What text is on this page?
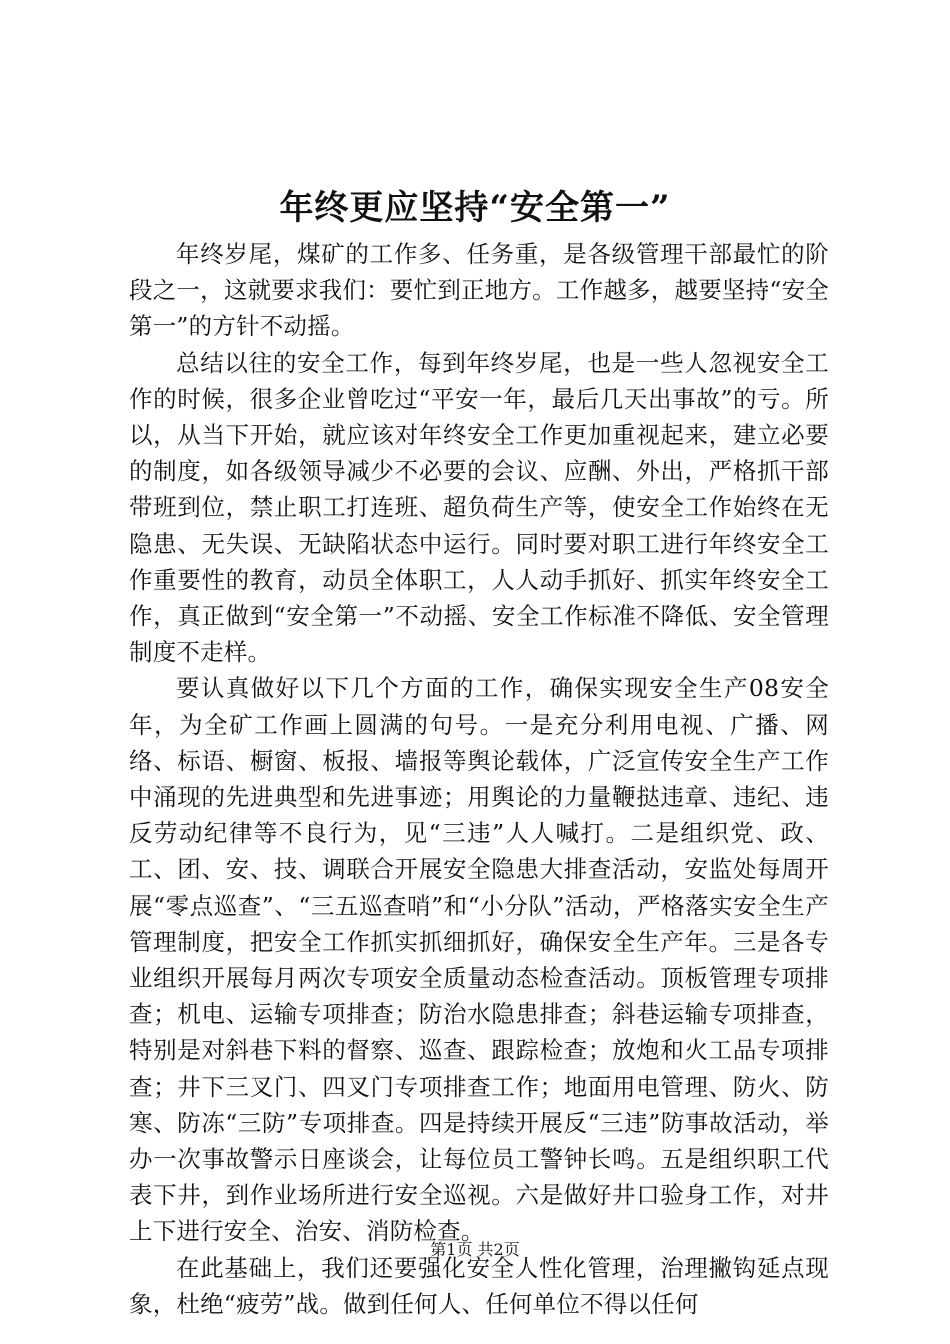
年终更应坚持“安全第一”

年终岁尾，煤矿的工作多、任务重，是各级管理干部最忙的阶段之一，这就要求我们：要忙到正地方。工作越多，越要坚持“安全第一”的方针不动摇。

总结以往的安全工作，每到年终岁尾，也是一些人忽视安全工作的时候，很多企业曾吃过“平安一年，最后几天出事故”的亏。所以，从当下开始，就应该对年终安全工作更加重视起来，建立必要的制度，如各级领导减少不必要的会议、应酬、外出，严格抓干部带班到位，禁止职工打连班、超负荷生产等，使安全工作始终在无隐患、无失误、无缺陷状态中运行。同时要对职工进行年终安全工作重要性的教育，动员全体职工，人人动手抓好、抓实年终安全工作，真正做到“安全第一”不动摇、安全工作标准不降低、安全管理制度不走样。

要认真做好以下几个方面的工作，确保实现安全生产08安全年，为全矿工作画上圆满的句号。一是充分利用电视、广播、网络、标语、橱窗、板报、墙报等舆论载体，广泛宣传安全生产工作中涌现的先进典型和先进事迹；用舆论的力量鞭挞违章、违纪、违反劳动纪律等不良行为，见“三违”人人喊打。二是组织党、政、工、团、安、技、调联合开展安全隐患大排查活动，安监处每周开展“零点巡查”、“三五巡查哨”和“小分队”活动，严格落实安全生产管理制度，把安全工作抓实抓细抓好，确保安全生产年。三是各专业组织开展每月两次专项安全质量动态检查活动。顶板管理专项排查；机电、运输专项排查；防治水隐患排查；斜巷运输专项排查，特别是对斜巷下料的督察、巡查、跟踪检查；放炮和火工品专项排查；井下三叉门、四叉门专项排查工作；地面用电管理、防火、防寒、防冻“三防”专项排查。四是持续开展反“三违”防事故活动，举办一次事故警示日座谈会，让每位员工警钟长鸣。五是组织职工代表下井，到作业场所进行安全巡视。六是做好井口验身工作，对井上下进行安全、治安、消防检查。

在此基础上，我们还要强化安全人性化管理，治理撇钩延点现象，杜绝“疲劳”战。做到任何人、任何单位不得以任何

第1页 共2页
